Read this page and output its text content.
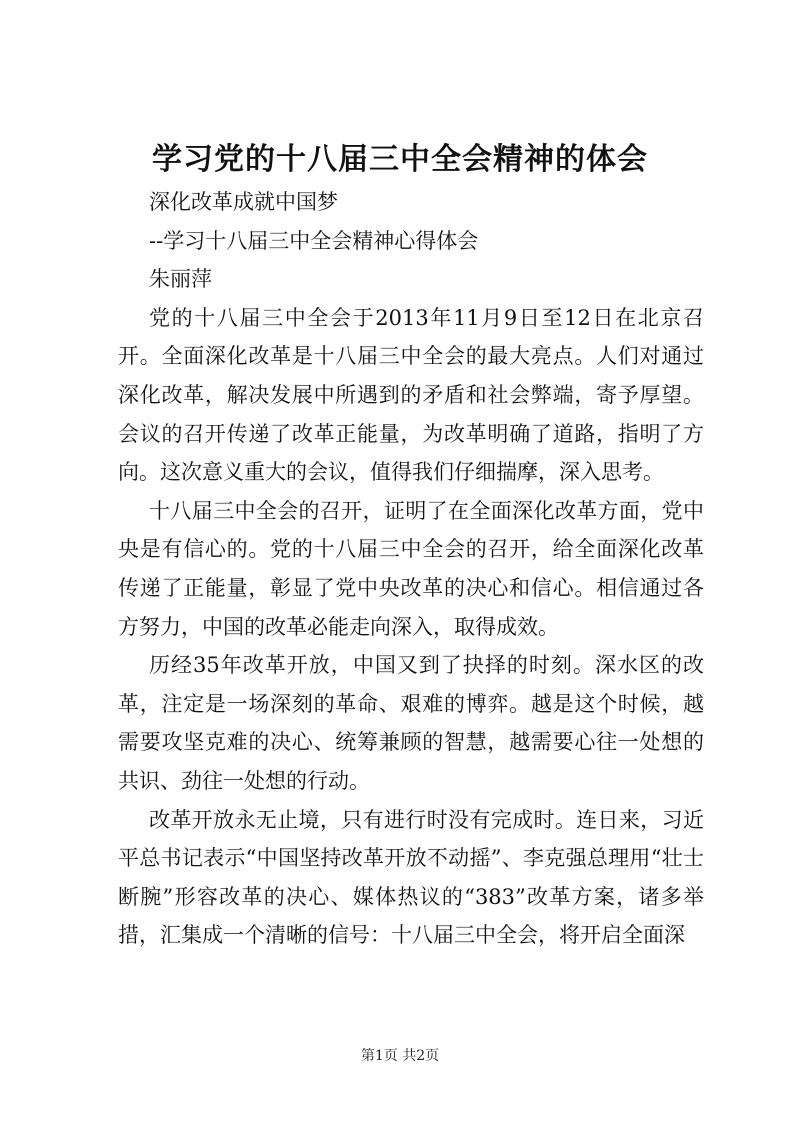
学习党的十八届三中全会精神的体会

深化改革成就中国梦

--学习十八届三中全会精神心得体会

朱丽萍

党的十八届三中全会于2013年11月9日至12日在北京召开。全面深化改革是十八届三中全会的最大亮点。人们对通过深化改革，解决发展中所遇到的矛盾和社会弊端，寄予厚望。会议的召开传递了改革正能量，为改革明确了道路，指明了方向。这次意义重大的会议，值得我们仔细揣摩，深入思考。

十八届三中全会的召开，证明了在全面深化改革方面，党中央是有信心的。党的十八届三中全会的召开，给全面深化改革传递了正能量，彰显了党中央改革的决心和信心。相信通过各方努力，中国的改革必能走向深入，取得成效。

历经35年改革开放，中国又到了抉择的时刻。深水区的改革，注定是一场深刻的革命、艰难的博弈。越是这个时候，越需要攻坚克难的决心、统筹兼顾的智慧，越需要心往一处想的共识、劲往一处想的行动。

改革开放永无止境，只有进行时没有完成时。连日来，习近平总书记表示“中国坚持改革开放不动摇”、李克强总理用“壮士断腕”形容改革的决心、媒体热议的“383”改革方案，诸多举措，汇集成一个清晰的信号：十八届三中全会，将开启全面深

第1页 共2页
